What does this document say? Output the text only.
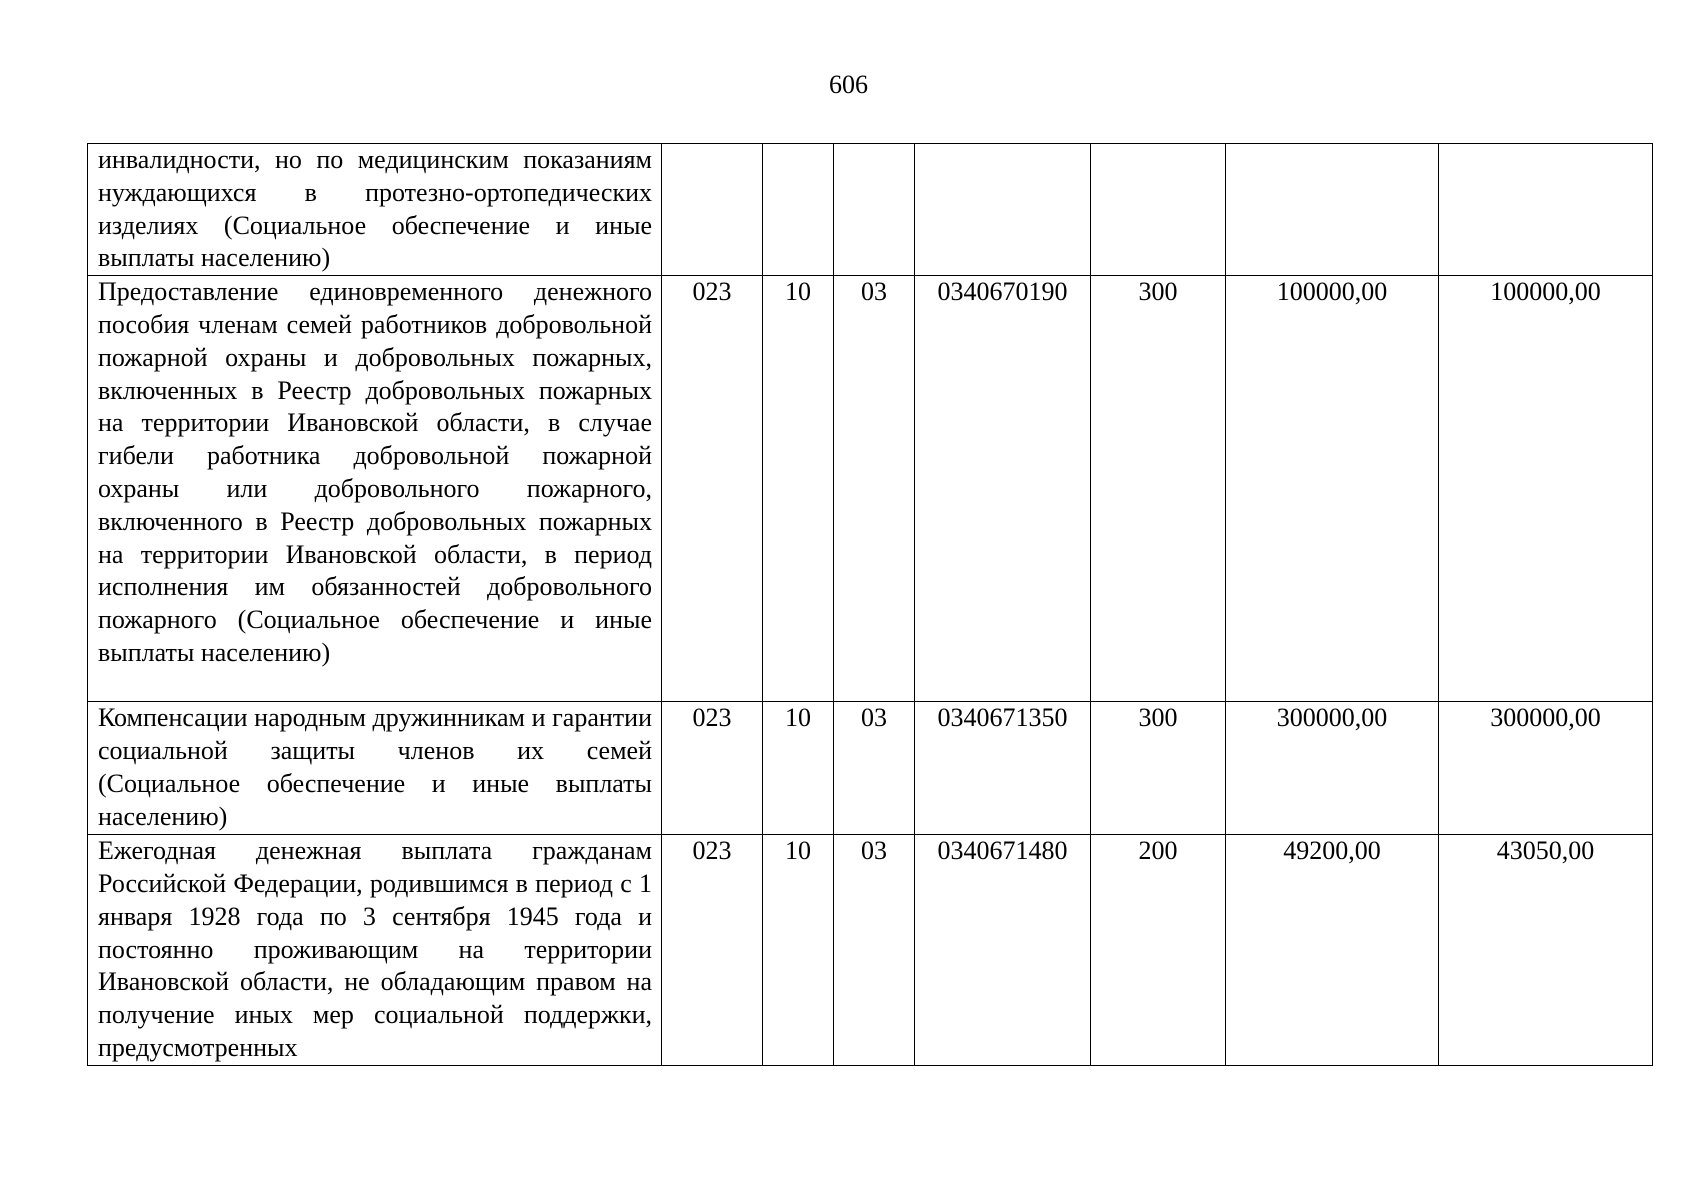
606
инвалидности, но по медицинским показаниям нуждающихся в протезно-ортопедических изделиях (Социальное обеспечение и иные выплаты населению)							
Предоставление единовременного денежного пособия членам семей работников добровольной пожарной охраны и добровольных пожарных, включенных в Реестр добровольных пожарных на территории Ивановской области, в случае гибели работника добровольной пожарной охраны или добровольного пожарного, включенного в Реестр добровольных пожарных на территории Ивановской области, в период исполнения им обязанностей добровольного пожарного (Социальное обеспечение и иные выплаты населению)	023	10	03	0340670190	300	100000,00	100000,00
Компенсации народным дружинникам и гарантии социальной защиты членов их семей (Социальное обеспечение и иные выплаты населению)	023	10	03	0340671350	300	300000,00	300000,00
Ежегодная денежная выплата гражданам Российской Федерации, родившимся в период с 1 января 1928 года по 3 сентября 1945 года и постоянно проживающим на территории Ивановской области, не обладающим правом на получение иных мер социальной поддержки, предусмотренных	023	10	03	0340671480	200	49200,00	43050,00
